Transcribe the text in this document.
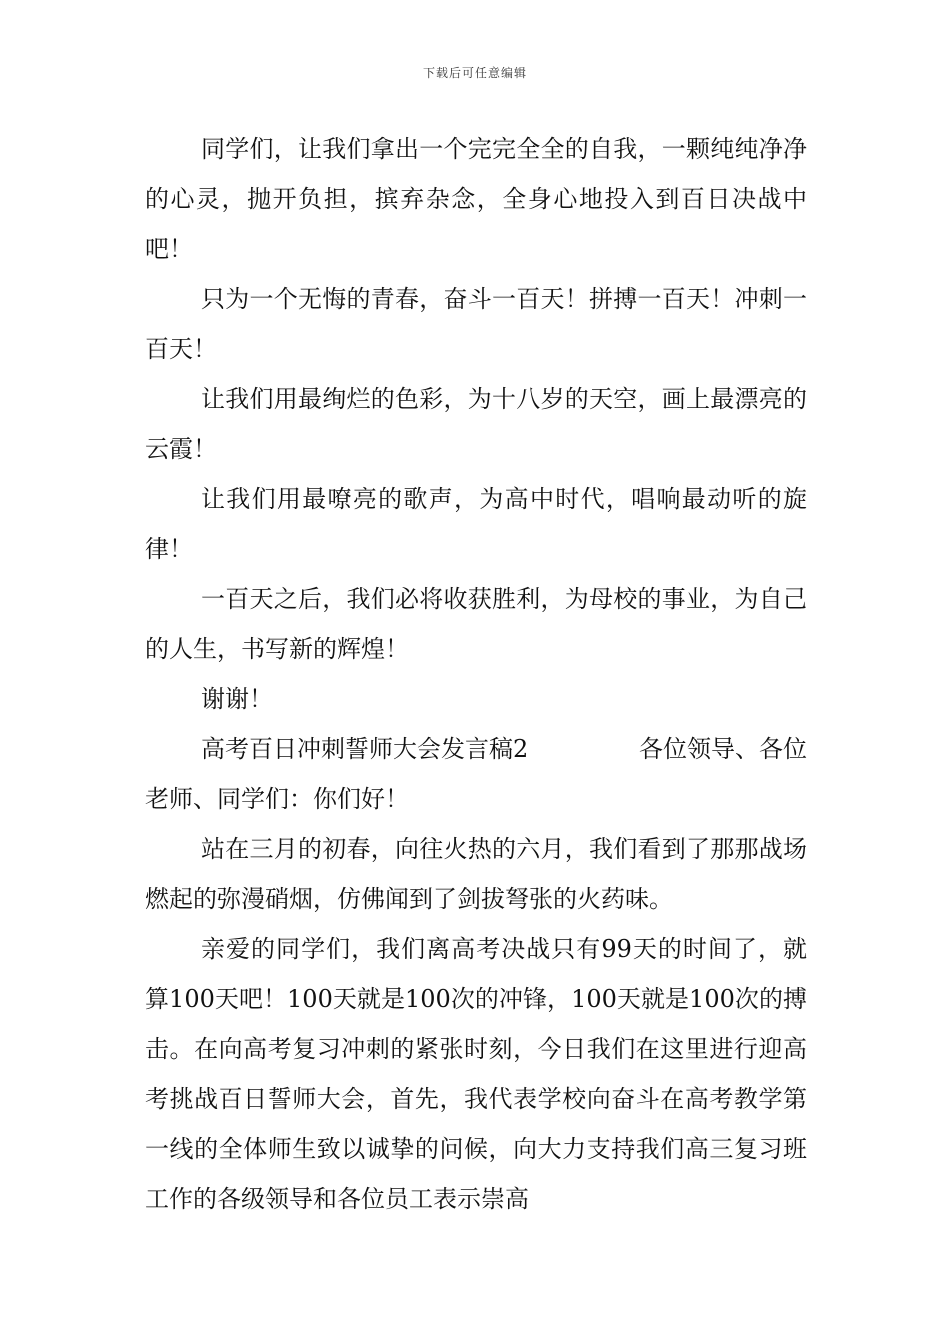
下载后可任意编辑

同学们，让我们拿出一个完完全全的自我，一颗纯纯净净的心灵，抛开负担，摈弃杂念，全身心地投入到百日决战中吧！

只为一个无悔的青春，奋斗一百天！拼搏一百天！冲刺一百天！

让我们用最绚烂的色彩，为十八岁的天空，画上最漂亮的云霞！

让我们用最嘹亮的歌声，为高中时代，唱响最动听的旋律！

一百天之后，我们必将收获胜利，为母校的事业，为自己的人生，书写新的辉煌！

谢谢！

高考百日冲刺誓师大会发言稿2	各位领导、各位
老师、同学们：你们好！

站在三月的初春，向往火热的六月，我们看到了那那战场燃起的弥漫硝烟，仿佛闻到了剑拔弩张的火药味。

亲爱的同学们，我们离高考决战只有99天的时间了，就算100天吧！100天就是100次的冲锋，100天就是100次的搏击。在向高考复习冲刺的紧张时刻，今日我们在这里进行迎高考挑战百日誓师大会，首先，我代表学校向奋斗在高考教学第一线的全体师生致以诚挚的问候，向大力支持我们高三复习班工作的各级领导和各位员工表示崇高
